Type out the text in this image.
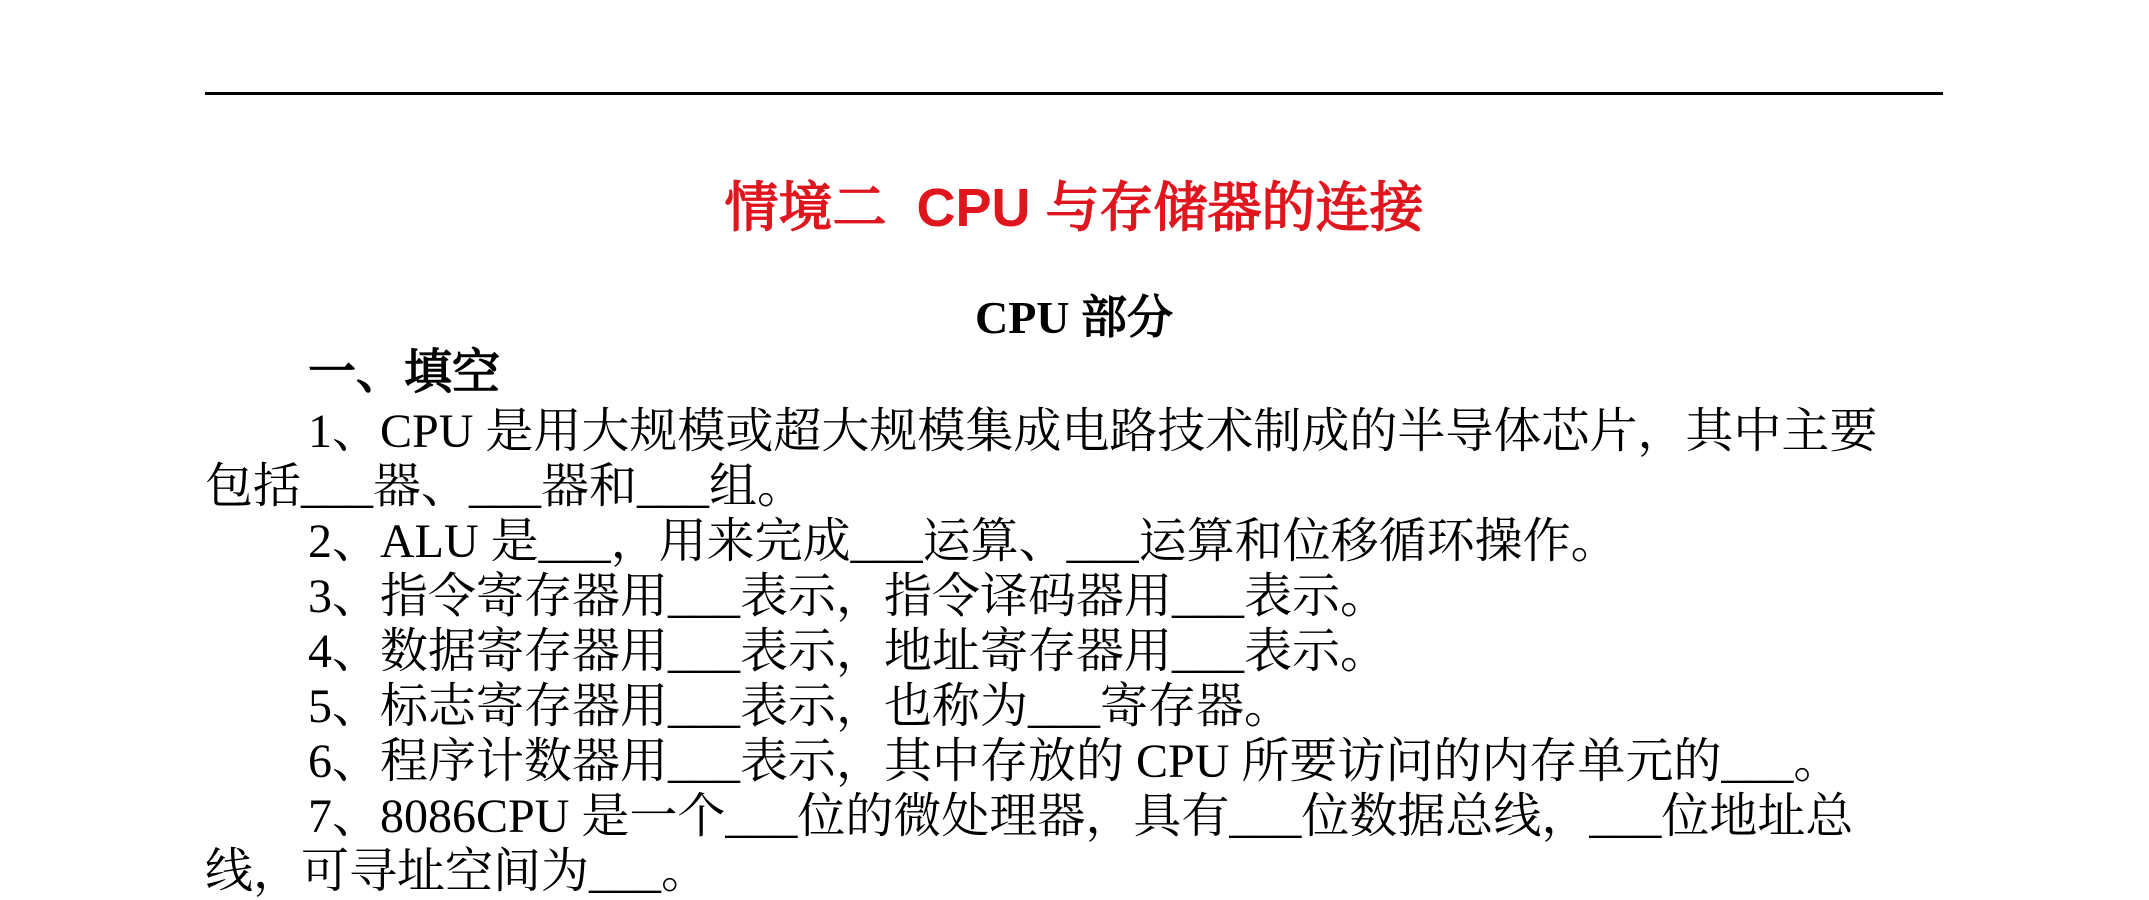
情境二  CPU 与存储器的连接
CPU 部分
一、填空
1、CPU 是用大规模或超大规模集成电路技术制成的半导体芯片，其中主要
包括___器、___器和___组。
2、ALU 是___，用来完成___运算、___运算和位移循环操作。
3、指令寄存器用___表示，指令译码器用___表示。
4、数据寄存器用___表示，地址寄存器用___表示。
5、标志寄存器用___表示，也称为___寄存器。
6、程序计数器用___表示，其中存放的 CPU 所要访问的内存单元的___。
7、8086CPU 是一个___位的微处理器，具有___位数据总线，___位地址总
线，可寻址空间为___。
